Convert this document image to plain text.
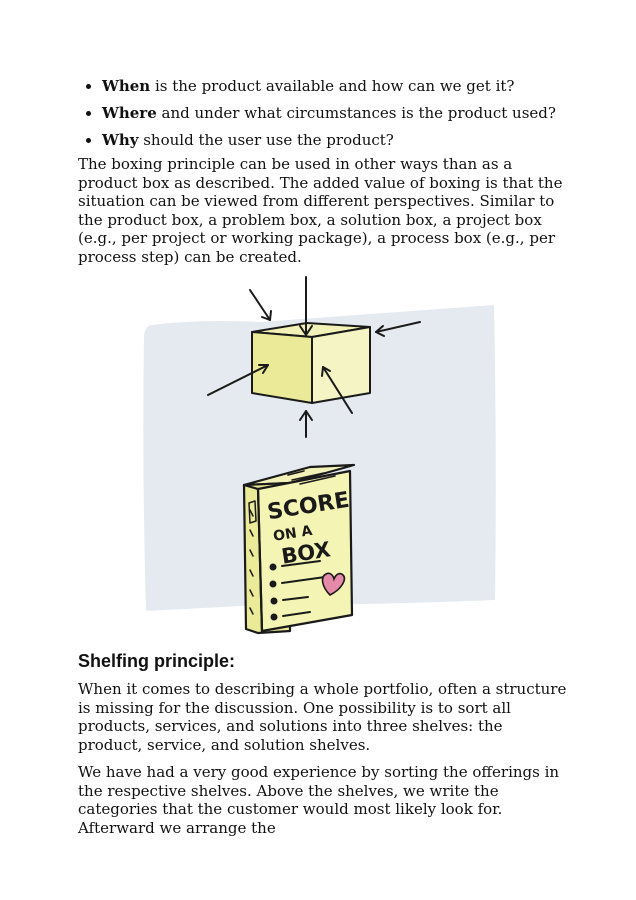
When is the product available and how can we get it?
Where and under what circumstances is the product used?
Why should the user use the product?

The boxing principle can be used in other ways than as a product box as described. The added value of boxing is that the situation can be viewed from different perspectives. Similar to the product box, a problem box, a solution box, a project box (e.g., per project or working package), a process box (e.g., per process step) can be created.

Shelfing principle:

When it comes to describing a whole portfolio, often a structure is missing for the discussion. One possibility is to sort all products, services, and solutions into three shelves: the product, service, and solution shelves.

We have had a very good experience by sorting the offerings in the respective shelves. Above the shelves, we write the categories that the customer would most likely look for. Afterward we arrange the

SCORE
ON A
BOX
